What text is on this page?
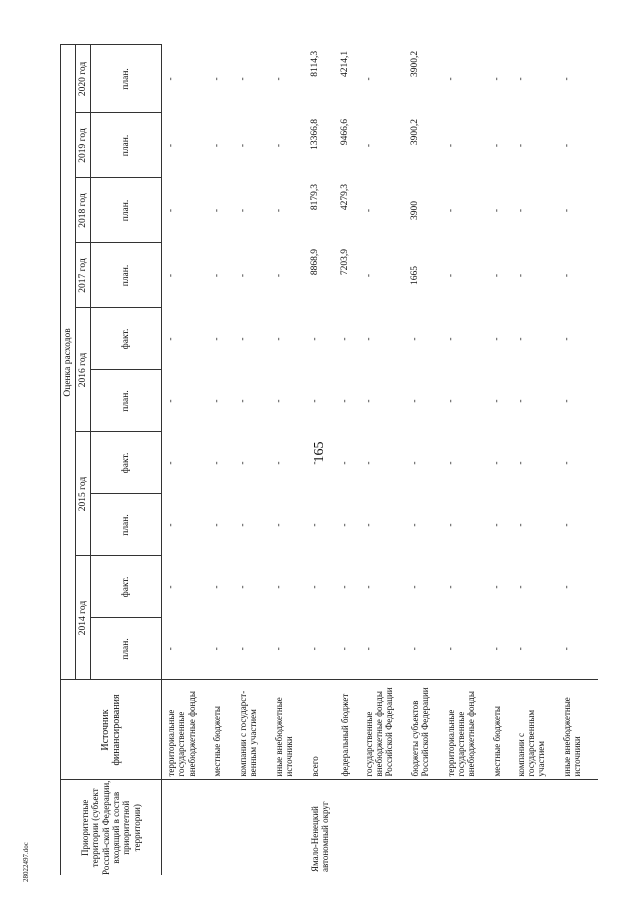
165
28022497.doc
Приоритетные территории (субъект Россий-ской Федерации, входящий в состав приоритетной территории)	Источник финансирования	Оценка расходов									
		2014 год		2015 год		2016 год		2017 год	2018 год	2019 год	2020 год
		план.	факт.	план.	факт.	план.	факт.	план.	план.	план.	план.
	территориальные государственные внебюджетные фонды	-	-	-	-	-	-	-	-	-	-
	местные бюджеты	-	-	-	-	-	-	-	-	-	-
	компании с государст-венным участием	-	-	-	-	-	-	-	-	-	-
	иные внебюджетные источники	-	-	-	-	-	-	-	-	-	-
Ямало-Ненецкий автономный округ	всего	-	-	-	-	-	-	8868,9	8179,3	13366,8	8114,3
	федеральный бюджет	-	-	-	-	-	-	7203,9	4279,3	9466,6	4214,1
	государственные внебюджетные фонды Российской Федерации	-	-	-	-	-	-	-	-	-	-
	бюджеты субъектов Российской Федерации	-	-	-	-	-	-	1665	3900	3900,2	3900,2
	территориальные государственные внебюджетные фонды	-	-	-	-	-	-	-	-	-	-
	местные бюджеты	-	-	-	-	-	-	-	-	-	-
	компании с государственным участием	-	-	-	-	-	-	-	-	-	-
	иные внебюджетные источники	-	-	-	-	-	-	-	-	-	-
